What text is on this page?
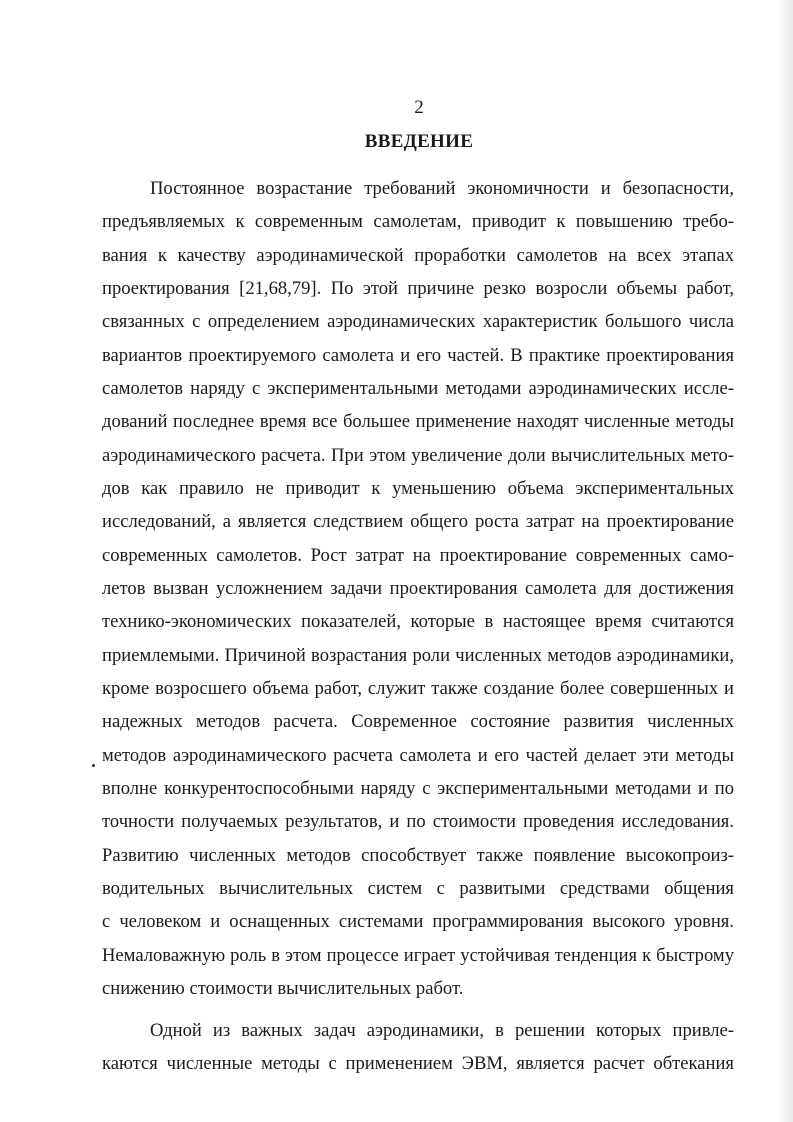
2
ВВЕДЕНИЕ
Постоянное возрастание требований экономичности и безопасности,
предъявляемых к современным самолетам, приводит к повышению требо-
вания к качеству аэродинамической проработки самолетов на всех этапах
проектирования [21,68,79]. По этой причине резко возросли объемы работ,
связанных с определением аэродинамических характеристик большого числа
вариантов проектируемого самолета и его частей. В практике проектирования
самолетов наряду с экспериментальными методами аэродинамических иссле-
дований последнее время все большее применение находят численные методы
аэродинамического расчета. При этом увеличение доли вычислительных мето-
дов как правило не приводит к уменьшению объема экспериментальных
исследований, а является следствием общего роста затрат на проектирование
современных самолетов. Рост затрат на проектирование современных само-
летов вызван усложнением задачи проектирования самолета для достижения
технико-экономических показателей, которые в настоящее время считаются
приемлемыми. Причиной возрастания роли численных методов аэродинамики,
кроме возросшего объема работ, служит также создание более совершенных и
надежных методов расчета. Современное состояние развития численных
методов аэродинамического расчета самолета и его частей делает эти методы
вполне конкурентоспособными наряду с экспериментальными методами и по
точности получаемых результатов, и по стоимости проведения исследования.
Развитию численных методов способствует также появление высокопроиз-
водительных вычислительных систем с развитыми средствами общения
с человеком и оснащенных системами программирования высокого уровня.
Немаловажную роль в этом процессе играет устойчивая тенденция к быстрому
снижению стоимости вычислительных работ.
Одной из важных задач аэродинамики, в решении которых привле-
каются численные методы с применением ЭВМ, является расчет обтекания
